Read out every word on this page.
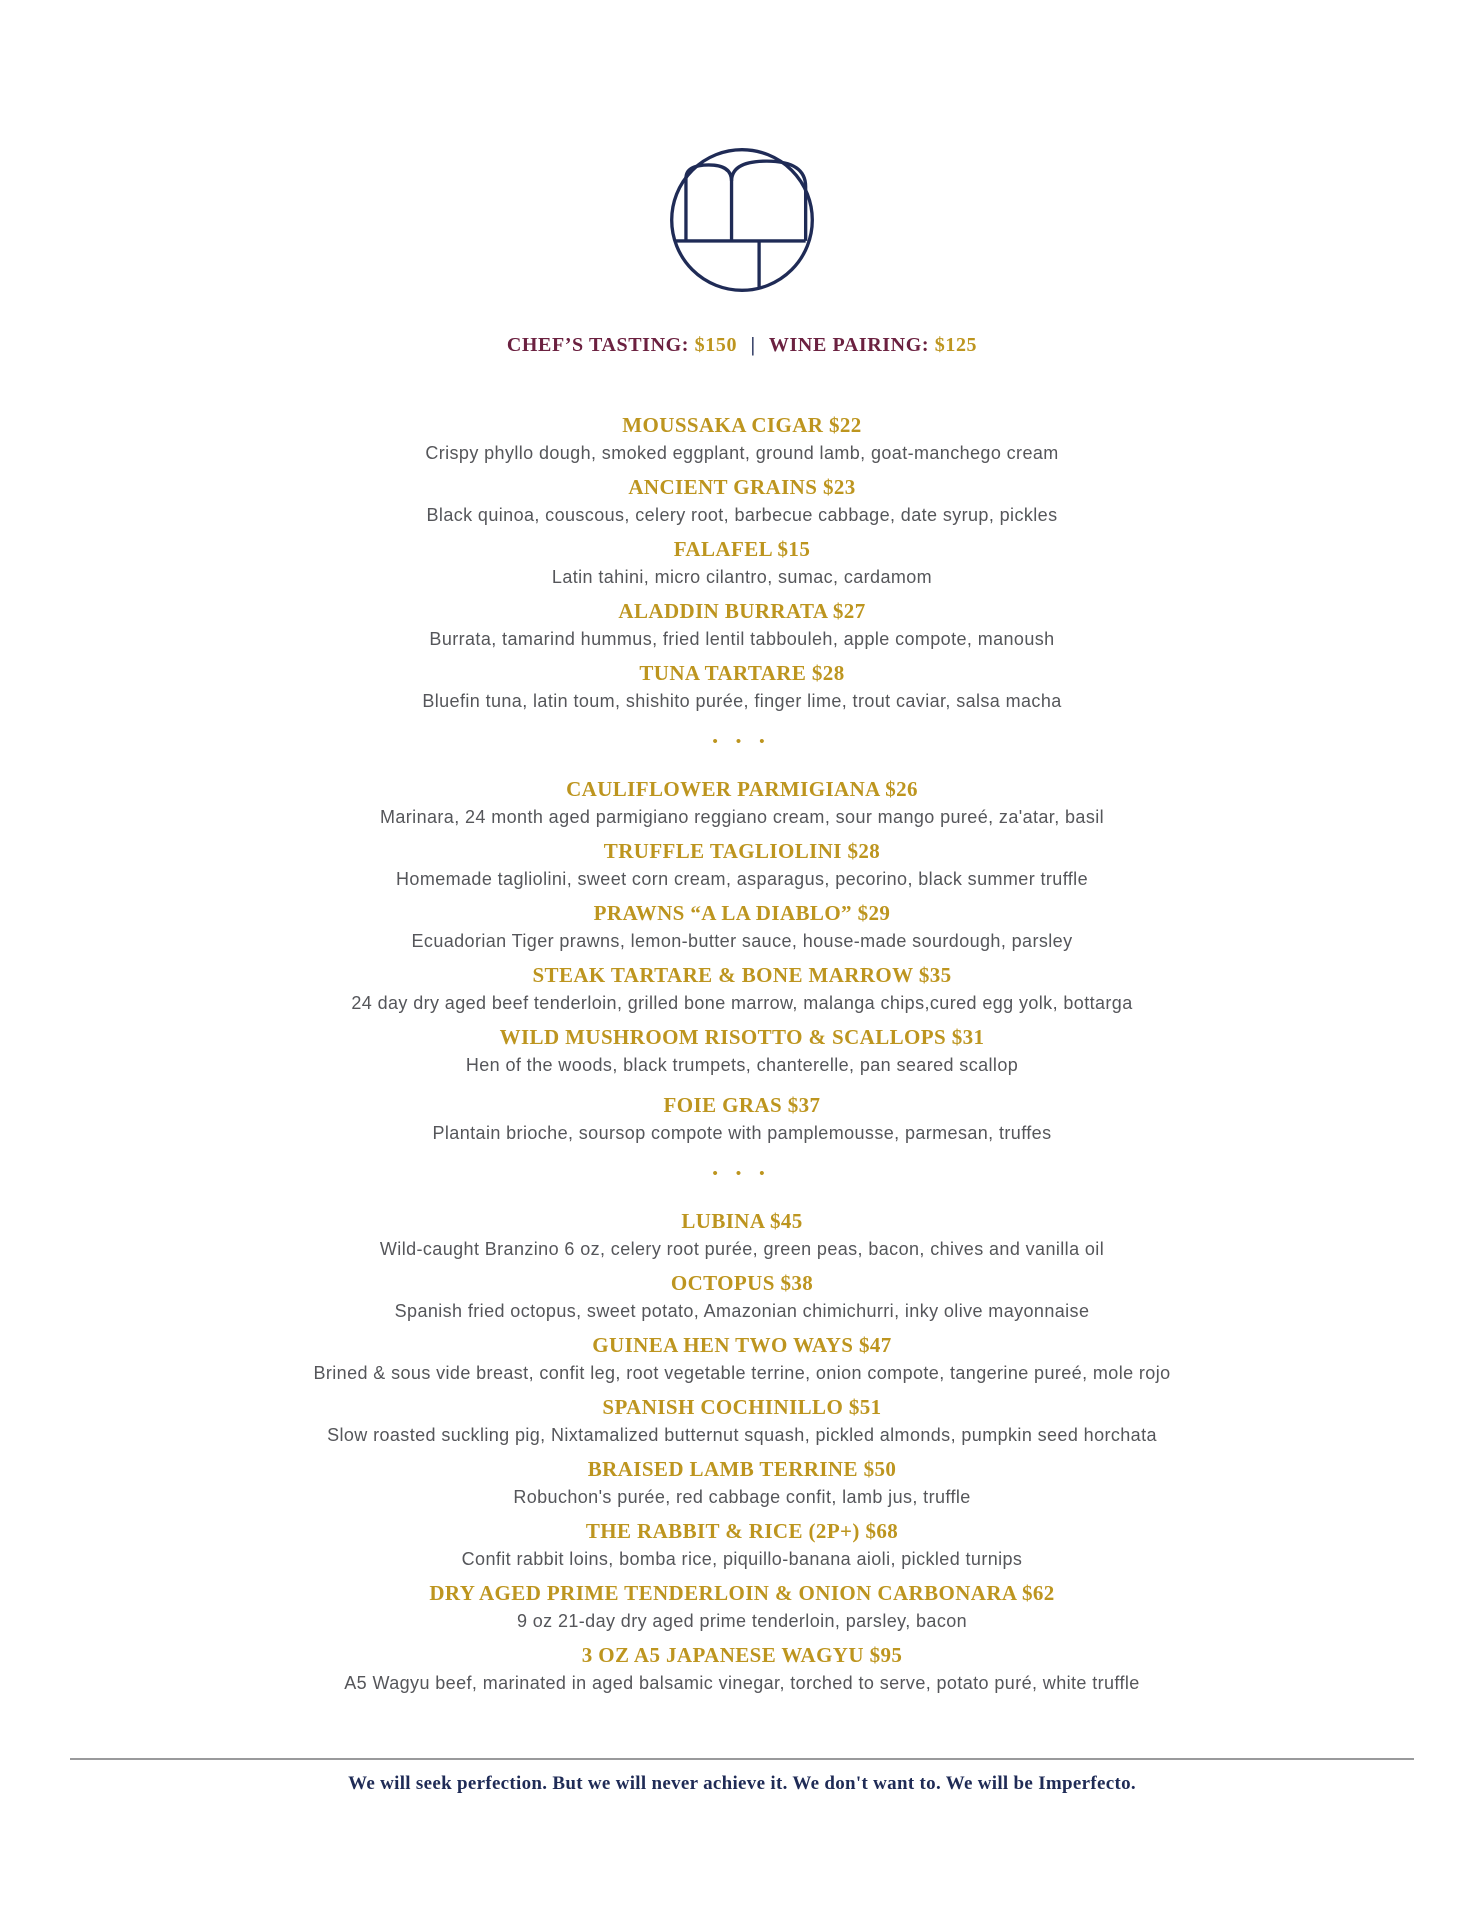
CHEF’S TASTING: $150 | WINE PAIRING: $125
MOUSSAKA CIGAR $22
Crispy phyllo dough, smoked eggplant, ground lamb, goat-manchego cream
ANCIENT GRAINS $23
Black quinoa, couscous, celery root, barbecue cabbage, date syrup, pickles
FALAFEL $15
Latin tahini, micro cilantro, sumac, cardamom
ALADDIN BURRATA $27
Burrata, tamarind hummus, fried lentil tabbouleh, apple compote, manoush
TUNA TARTARE $28
Bluefin tuna, latin toum, shishito purée, finger lime, trout caviar, salsa macha
• • •
CAULIFLOWER PARMIGIANA $26
Marinara, 24 month aged parmigiano reggiano cream, sour mango pureé, za'atar, basil
TRUFFLE TAGLIOLINI $28
Homemade tagliolini, sweet corn cream, asparagus, pecorino, black summer truffle
PRAWNS “A LA DIABLO” $29
Ecuadorian Tiger prawns, lemon-butter sauce, house-made sourdough, parsley
STEAK TARTARE & BONE MARROW $35
24 day dry aged beef tenderloin, grilled bone marrow, malanga chips,cured egg yolk, bottarga
WILD MUSHROOM RISOTTO & SCALLOPS $31
Hen of the woods, black trumpets, chanterelle, pan seared scallop
FOIE GRAS $37
Plantain brioche, soursop compote with pamplemousse, parmesan, truffes
• • •
LUBINA $45
Wild-caught Branzino 6 oz, celery root purée, green peas, bacon, chives and vanilla oil
OCTOPUS $38
Spanish fried octopus, sweet potato, Amazonian chimichurri, inky olive mayonnaise
GUINEA HEN TWO WAYS $47
Brined & sous vide breast, confit leg, root vegetable terrine, onion compote, tangerine pureé, mole rojo
SPANISH COCHINILLO $51
Slow roasted suckling pig, Nixtamalized butternut squash, pickled almonds, pumpkin seed horchata
BRAISED LAMB TERRINE $50
Robuchon's purée, red cabbage confit, lamb jus, truffle
THE RABBIT & RICE (2P+) $68
Confit rabbit loins, bomba rice, piquillo-banana aioli, pickled turnips
DRY AGED PRIME TENDERLOIN & ONION CARBONARA $62
9 oz 21-day dry aged prime tenderloin, parsley, bacon
3 OZ A5 JAPANESE WAGYU $95
A5 Wagyu beef, marinated in aged balsamic vinegar, torched to serve, potato puré, white truffle
We will seek perfection. But we will never achieve it. We don't want to. We will be Imperfecto.
